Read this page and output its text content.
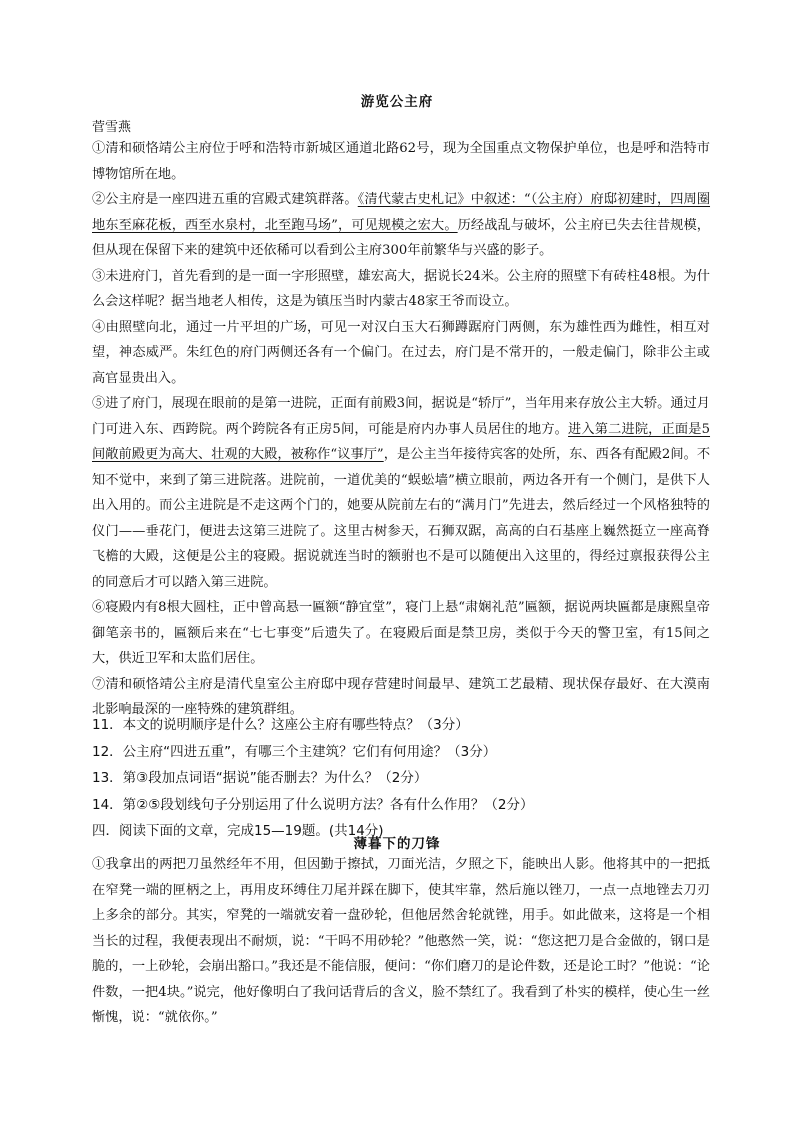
游览公主府
菅雪燕

①清和硕恪靖公主府位于呼和浩特市新城区通道北路62号，现为全国重点文物保护单位，也是呼和浩特市博物馆所在地。

②公主府是一座四进五重的宫殿式建筑群落。《清代蒙古史札记》中叙述：“（公主府）府邸初建时，四周圈地东至麻花板，西至水泉村，北至跑马场”，可见规模之宏大。历经战乱与破坏，公主府已失去往昔规模，但从现在保留下来的建筑中还依稀可以看到公主府300年前繁华与兴盛的影子。

③未进府门，首先看到的是一面一字形照壁，雄宏高大，据说长24米。公主府的照壁下有砖柱48根。为什么会这样呢？据当地老人相传，这是为镇压当时内蒙古48家王爷而设立。

④由照壁向北，通过一片平坦的广场，可见一对汉白玉大石狮蹲踞府门两侧，东为雄性西为雌性，相互对望，神态威严。朱红色的府门两侧还各有一个偏门。在过去，府门是不常开的，一般走偏门，除非公主或高官显贵出入。

⑤进了府门，展现在眼前的是第一进院，正面有前殿3间，据说是“轿厅”，当年用来存放公主大轿。通过月门可进入东、西跨院。两个跨院各有正房5间，可能是府内办事人员居住的地方。进入第二进院，正面是5间敞前殿更为高大、壮观的大殿，被称作“议事厅”，是公主当年接待宾客的处所，东、西各有配殿2间。不知不觉中，来到了第三进院落。进院前，一道优美的“蜈蚣墙”横立眼前，两边各开有一个侧门，是供下人出入用的。而公主进院是不走这两个门的，她要从院前左右的“满月门”先进去，然后经过一个风格独特的仪门——垂花门，便进去这第三进院了。这里古树参天，石狮双踞，高高的白石基座上巍然挺立一座高脊飞檐的大殿，这便是公主的寝殿。据说就连当时的额驸也不是可以随便出入这里的，得经过禀报获得公主的同意后才可以踏入第三进院。

⑥寝殿内有8根大圆柱，正中曾高悬一匾额“静宜堂”，寝门上悬“肃娴礼范”匾额，据说两块匾都是康熙皇帝御笔亲书的，匾额后来在“七七事变”后遗失了。在寝殿后面是禁卫房，类似于今天的警卫室，有15间之大，供近卫军和太监们居住。

⑦清和硕恪靖公主府是清代皇室公主府邸中现存营建时间最早、建筑工艺最精、现状保存最好、在大漠南北影响最深的一座特殊的建筑群组。

11．本文的说明顺序是什么？这座公主府有哪些特点？（3分）
12．公主府“四进五重”，有哪三个主建筑？它们有何用途？（3分）
13．第③段加点词语“据说”能否删去？为什么？（2分）
14．第②⑤段划线句子分别运用了什么说明方法？各有什么作用？（2分）
四．阅读下面的文章，完成15—19题。(共14分)
薄暮下的刀锋

①我拿出的两把刀虽然经年不用，但因勤于擦拭，刀面光洁，夕照之下，能映出人影。他将其中的一把抵在窄凳一端的匣柄之上，再用皮环缚住刀尾并踩在脚下，使其牢靠，然后施以锉刀，一点一点地锉去刀刃上多余的部分。其实，窄凳的一端就安着一盘砂轮，但他居然舍轮就锉，用手。如此做来，这将是一个相当长的过程，我便表现出不耐烦，说：“干吗不用砂轮？”他憨然一笑，说：“您这把刀是合金做的，钢口是脆的，一上砂轮，会崩出豁口。”我还是不能信服，便问：“你们磨刀的是论件数，还是论工时？”他说：“论件数，一把4块。”说完，他好像明白了我问话背后的含义，脸不禁红了。我看到了朴实的模样，使心生一丝惭愧，说：“就依你。”
